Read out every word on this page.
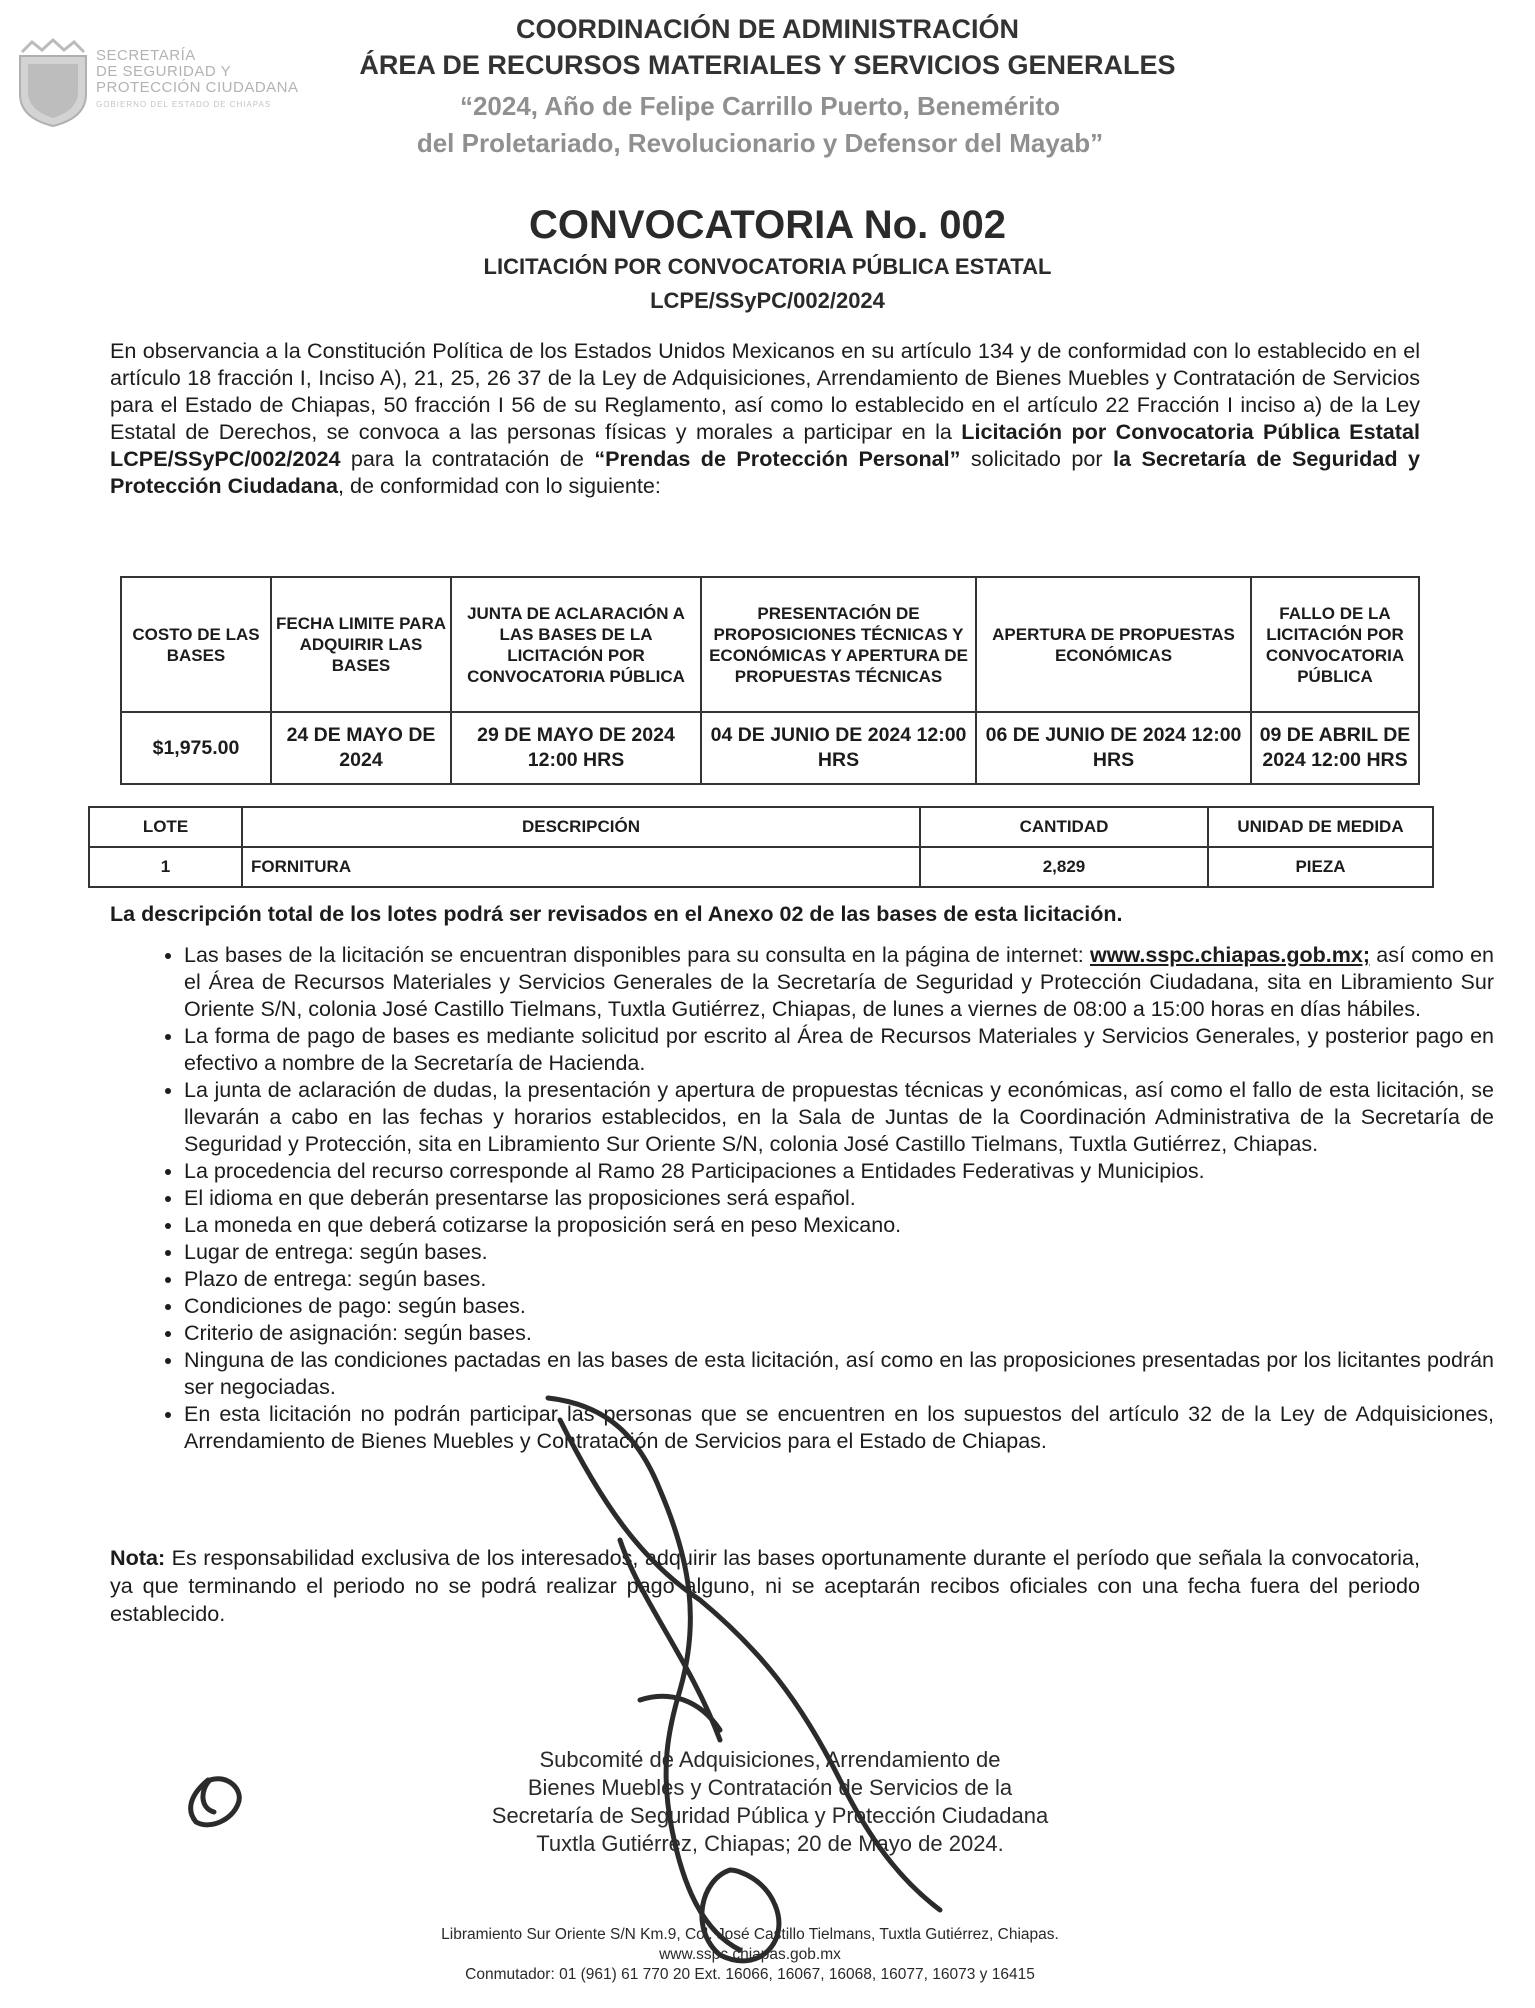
SECRETARÍA
DE SEGURIDAD Y
PROTECCIÓN CIUDADANA
GOBIERNO DEL ESTADO DE CHIAPAS
COORDINACIÓN DE ADMINISTRACIÓN
ÁREA DE RECURSOS MATERIALES Y SERVICIOS GENERALES
“2024, Año de Felipe Carrillo Puerto, Benemérito
del Proletariado, Revolucionario y Defensor del Mayab”
CONVOCATORIA No. 002
LICITACIÓN POR CONVOCATORIA PÚBLICA ESTATAL
LCPE/SSyPC/002/2024

En observancia a la Constitución Política de los Estados Unidos Mexicanos en su artículo 134 y de conformidad con lo establecido en el artículo 18 fracción I, Inciso A), 21, 25, 26 37 de la Ley de Adquisiciones, Arrendamiento de Bienes Muebles y Contratación de Servicios para el Estado de Chiapas, 50 fracción I 56 de su Reglamento, así como lo establecido en el artículo 22 Fracción I inciso a) de la Ley Estatal de Derechos, se convoca a las personas físicas y morales a participar en la Licitación por Convocatoria Pública Estatal LCPE/SSyPC/002/2024 para la contratación de “Prendas de Protección Personal” solicitado por la Secretaría de Seguridad y Protección Ciudadana, de conformidad con lo siguiente:

COSTO DE LAS BASES	FECHA LIMITE PARA ADQUIRIR LAS BASES	JUNTA DE ACLARACIÓN A LAS BASES DE LA LICITACIÓN POR CONVOCATORIA PÚBLICA	PRESENTACIÓN DE PROPOSICIONES TÉCNICAS Y ECONÓMICAS Y APERTURA DE PROPUESTAS TÉCNICAS	APERTURA DE PROPUESTAS ECONÓMICAS	FALLO DE LA LICITACIÓN POR CONVOCATORIA PÚBLICA
$1,975.00	24 DE MAYO DE 2024	29 DE MAYO DE 2024 12:00 HRS	04 DE JUNIO DE 2024 12:00 HRS	06 DE JUNIO DE 2024 12:00 HRS	09 DE ABRIL DE 2024 12:00 HRS
LOTE	DESCRIPCIÓN	CANTIDAD	UNIDAD DE MEDIDA
1	FORNITURA	2,829	PIEZA

La descripción total de los lotes podrá ser revisados en el Anexo 02 de las bases de esta licitación.

• Las bases de la licitación se encuentran disponibles para su consulta en la página de internet: www.sspc.chiapas.gob.mx; así como en el Área de Recursos Materiales y Servicios Generales de la Secretaría de Seguridad y Protección Ciudadana, sita en Libramiento Sur Oriente S/N, colonia José Castillo Tielmans, Tuxtla Gutiérrez, Chiapas, de lunes a viernes de 08:00 a 15:00 horas en días hábiles.
• La forma de pago de bases es mediante solicitud por escrito al Área de Recursos Materiales y Servicios Generales, y posterior pago en efectivo a nombre de la Secretaría de Hacienda.
• La junta de aclaración de dudas, la presentación y apertura de propuestas técnicas y económicas, así como el fallo de esta licitación, se llevarán a cabo en las fechas y horarios establecidos, en la Sala de Juntas de la Coordinación Administrativa de la Secretaría de Seguridad y Protección, sita en Libramiento Sur Oriente S/N, colonia José Castillo Tielmans, Tuxtla Gutiérrez, Chiapas.
• La procedencia del recurso corresponde al Ramo 28 Participaciones a Entidades Federativas y Municipios.
• El idioma en que deberán presentarse las proposiciones será español.
• La moneda en que deberá cotizarse la proposición será en peso Mexicano.
• Lugar de entrega: según bases.
• Plazo de entrega: según bases.
• Condiciones de pago: según bases.
• Criterio de asignación: según bases.
• Ninguna de las condiciones pactadas en las bases de esta licitación, así como en las proposiciones presentadas por los licitantes podrán ser negociadas.
• En esta licitación no podrán participar las personas que se encuentren en los supuestos del artículo 32 de la Ley de Adquisiciones, Arrendamiento de Bienes Muebles y Contratación de Servicios para el Estado de Chiapas.

Nota: Es responsabilidad exclusiva de los interesados, adquirir las bases oportunamente durante el período que señala la convocatoria, ya que terminando el periodo no se podrá realizar pago alguno, ni se aceptarán recibos oficiales con una fecha fuera del periodo establecido.

Subcomité de Adquisiciones, Arrendamiento de
Bienes Muebles y Contratación de Servicios de la
Secretaría de Seguridad Pública y Protección Ciudadana
Tuxtla Gutiérrez, Chiapas; 20 de Mayo de 2024.
Libramiento Sur Oriente S/N Km.9, Col. José Castillo Tielmans, Tuxtla Gutiérrez, Chiapas.
www.sspc.chiapas.gob.mx
Conmutador: 01 (961) 61 770 20 Ext. 16066, 16067, 16068, 16077, 16073 y 16415
